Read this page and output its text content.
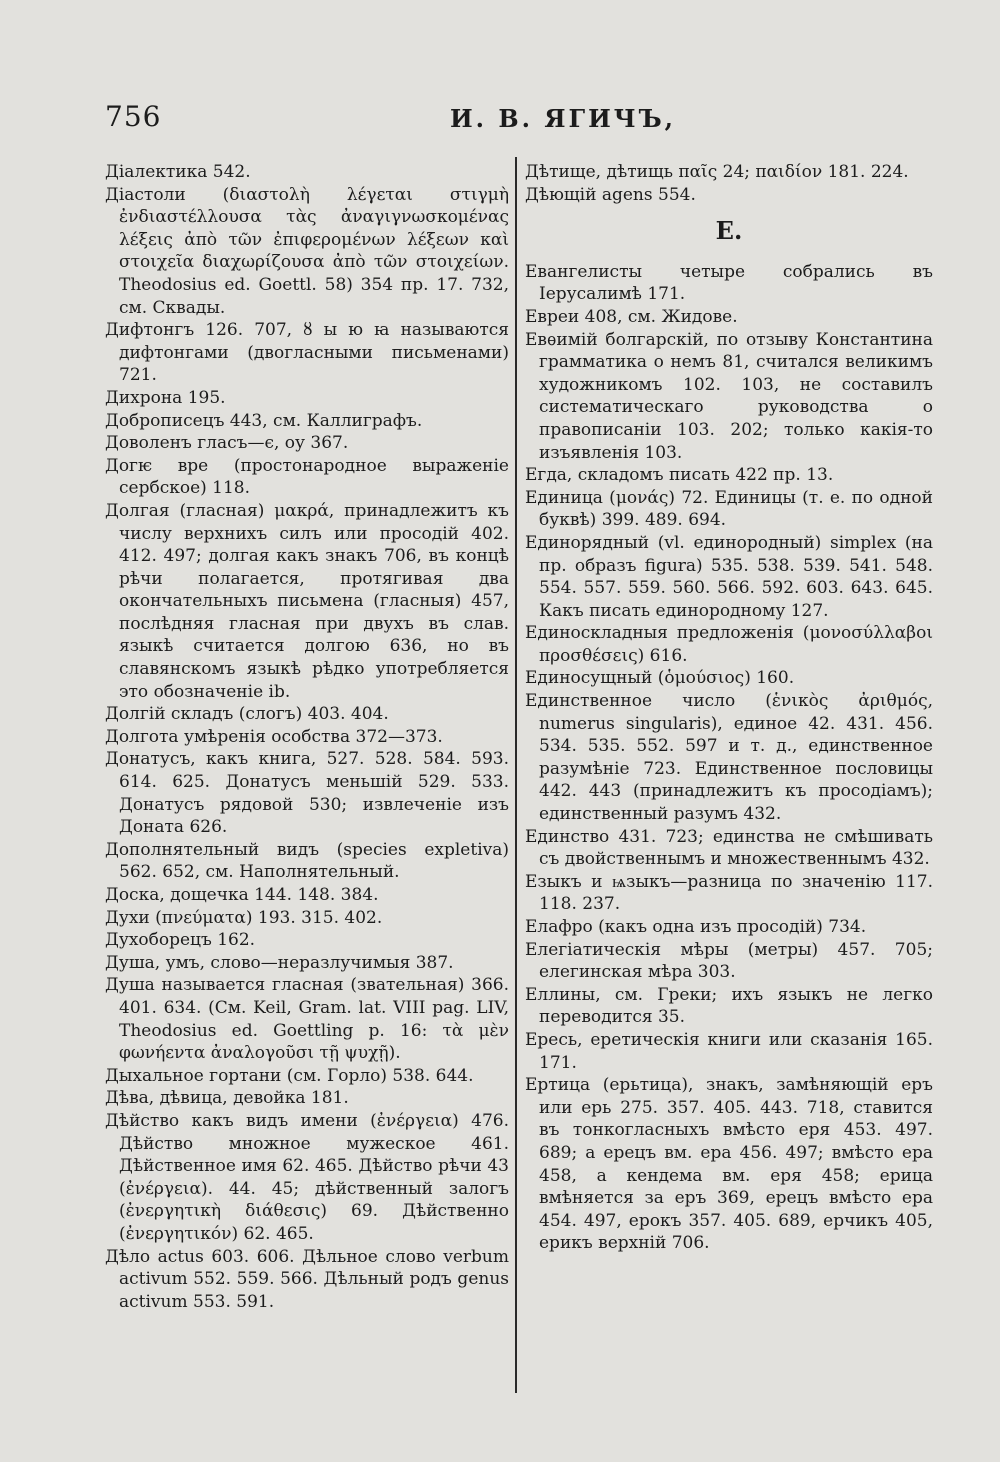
756	И. В. ЯГИЧЪ,

Діалектика 542.

Діастоли (διαστολὴ λέγεται στιγμὴ ἐνδιαστέλλουσα τὰς ἀναγιγνωσκομένας λέξεις ἀπὸ τῶν ἐπιφερομένων λέξεων καὶ στοιχεῖα διαχωρίζουσα ἀπὸ τῶν στοιχείων. Theodosius ed. Goettl. 58) 354 пр. 17. 732, см. Сквады.

Дифтонгъ 126. 707, ȣ ы ю ꙗ называются дифтонгами (двогласными письменами) 721.

Дихрона 195.

Доброписецъ 443, см. Каллиграфъ.

Доволенъ гласъ—є, оу 367.

Догѥ вре (простонародное выраженіе сербское) 118.

Долгая (гласная) μακρά, принадлежитъ къ числу верхнихъ силъ или просодій 402. 412. 497; долгая какъ знакъ 706, въ концѣ рѣчи полагается, протягивая два окончательныхъ письмена (гласныя) 457, послѣдняя гласная при двухъ въ слав. языкѣ считается долгою 636, но въ славянскомъ языкѣ рѣдко употребляется это обозначеніе ib.

Долгій складъ (слогъ) 403. 404.

Долгота умѣренія особства 372—373.

Донатусъ, какъ книга, 527. 528. 584. 593. 614. 625. Донатусъ меньшій 529. 533. Донатусъ рядовой 530; извлеченіе изъ Доната 626.

Дополнятельный видъ (species expletiva) 562. 652, см. Наполнятельный.

Доска, дощечка 144. 148. 384.

Духи (πνεύματα) 193. 315. 402.

Духоборецъ 162.

Душа, умъ, слово—неразлучимыя 387.

Душа называется гласная (звательная) 366. 401. 634. (См. Keil, Gram. lat. VIII pag. LIV, Theodosius ed. Goettling p. 16: τὰ μὲν φωνήεντα ἀναλογοῦσι τῇ ψυχῇ).

Дыхальное гортани (см. Горло) 538. 644.

Дѣва, дѣвица, девойка 181.

Дѣйство какъ видъ имени (ἐνέργεια) 476. Дѣйство множное мужеское 461. Дѣйственное имя 62. 465. Дѣйство рѣчи 43 (ἐνέργεια). 44. 45; дѣйственный залогъ (ἐνεργητικὴ διάθεσις) 69. Дѣйственно (ἐνεργητικόν) 62. 465.

Дѣло actus 603. 606. Дѣльное слово verbum activum 552. 559. 566. Дѣльный родъ genus activum 553. 591.

Дѣтище, дѣтищь παῖς 24; παιδίον 181. 224.

Дѣющій agens 554.

Е.

Евангелисты четыре собрались въ Іерусалимѣ 171.

Евреи 408, см. Жидове.

Евѳимій болгарскій, по отзыву Константина грамматика о немъ 81, считался великимъ художникомъ 102. 103, не составилъ систематическаго руководства о правописаніи 103. 202; только какія-то изъявленія 103.

Егда, складомъ писать 422 пр. 13.

Единица (μονάς) 72. Единицы (т. е. по одной буквѣ) 399. 489. 694.

Единорядный (vl. единородный) simplex (на пр. образъ figura) 535. 538. 539. 541. 548. 554. 557. 559. 560. 566. 592. 603. 643. 645. Какъ писать единородному 127.

Единоскладныя предложенія (μονοσύλλαβοι προσθέσεις) 616.

Единосущный (ὁμούσιος) 160.

Единственное число (ἑνικὸς ἀριθμός, numerus singularis), единое 42. 431. 456. 534. 535. 552. 597 и т. д., единственное разумѣніе 723. Единственное пословицы 442. 443 (принадлежитъ къ просодіамъ); единственный разумъ 432.

Единство 431. 723; единства не смѣшивать съ двойственнымъ и множественнымъ 432.

Езыкъ и ѩзыкъ—разница по значенію 117. 118. 237.

Елафро (какъ одна изъ просодій) 734.

Елегіатическія мѣры (метры) 457. 705; елегинская мѣра 303.

Еллины, см. Греки; ихъ языкъ не легко переводится 35.

Ересь, еретическія книги или сказанія 165. 171.

Ертица (ерьтица), знакъ, замѣняющій еръ или ерь 275. 357. 405. 443. 718, ставится въ тонкогласныхъ вмѣсто еря 453. 497. 689; а ерецъ вм. ера 456. 497; вмѣсто ера 458, а кендема вм. еря 458; ерица вмѣняется за еръ 369, ерецъ вмѣсто ера 454. 497, ерокъ 357. 405. 689, ерчикъ 405, ерикъ верхній 706.
